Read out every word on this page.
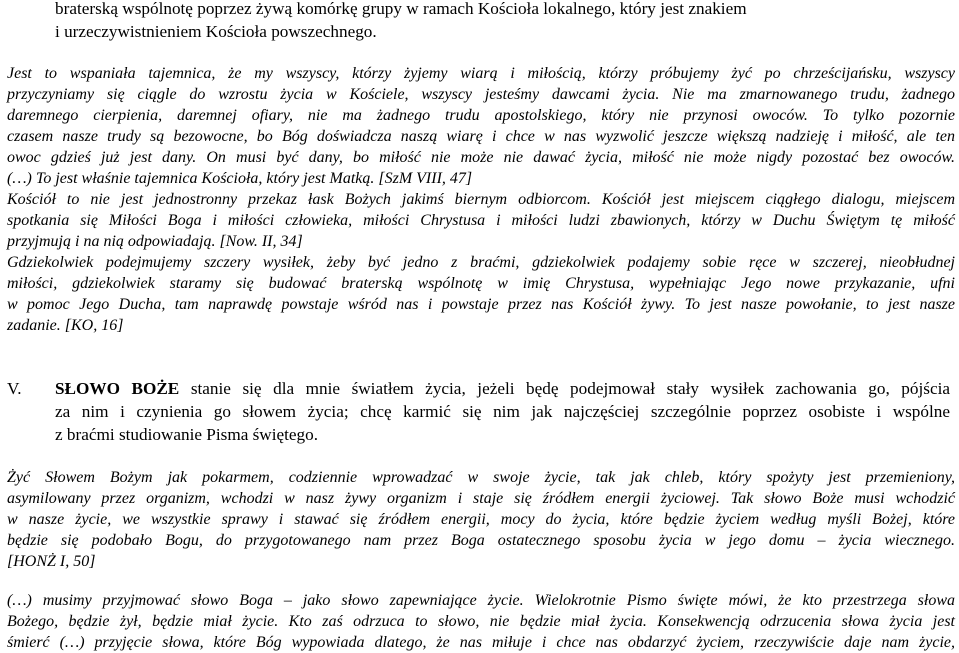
braterską wspólnotę poprzez żywą komórkę grupy w ramach Kościoła lokalnego, który jest znakiem
i urzeczywistnieniem Kościoła powszechnego.
Jest to wspaniała tajemnica, że my wszyscy, którzy żyjemy wiarą i miłością, którzy próbujemy żyć po chrześcijańsku, wszyscy
przyczyniamy się ciągle do wzrostu życia w Kościele, wszyscy jesteśmy dawcami życia. Nie ma zmarnowanego trudu, żadnego
daremnego cierpienia, daremnej ofiary, nie ma żadnego trudu apostolskiego, który nie przynosi owoców. To tylko pozornie
czasem nasze trudy są bezowocne, bo Bóg doświadcza naszą wiarę i chce w nas wyzwolić jeszcze większą nadzieję i miłość, ale ten
owoc gdzieś już jest dany. On musi być dany, bo miłość nie może nie dawać życia, miłość nie może nigdy pozostać bez owoców.
(…) To jest właśnie tajemnica Kościoła, który jest Matką. [SzM VIII, 47]
Kościół to nie jest jednostronny przekaz łask Bożych jakimś biernym odbiorcom. Kościół jest miejscem ciągłego dialogu, miejscem
spotkania się Miłości Boga i miłości człowieka, miłości Chrystusa i miłości ludzi zbawionych, którzy w Duchu Świętym tę miłość
przyjmują i na nią odpowiadają. [Now. II, 34]
Gdziekolwiek podejmujemy szczery wysiłek, żeby być jedno z braćmi, gdziekolwiek podajemy sobie ręce w szczerej, nieobłudnej
miłości, gdziekolwiek staramy się budować braterską wspólnotę w imię Chrystusa, wypełniając Jego nowe przykazanie, ufni
w pomoc Jego Ducha, tam naprawdę powstaje wśród nas i powstaje przez nas Kościół żywy. To jest nasze powołanie, to jest nasze
zadanie. [KO, 16]
V. SŁOWO BOŻE stanie się dla mnie światłem życia, jeżeli będę podejmował stały wysiłek zachowania go, pójścia
za nim i czynienia go słowem życia; chcę karmić się nim jak najczęściej szczególnie poprzez osobiste i wspólne
z braćmi studiowanie Pisma świętego.
Żyć Słowem Bożym jak pokarmem, codziennie wprowadzać w swoje życie, tak jak chleb, który spożyty jest przemieniony,
asymilowany przez organizm, wchodzi w nasz żywy organizm i staje się źródłem energii życiowej. Tak słowo Boże musi wchodzić
w nasze życie, we wszystkie sprawy i stawać się źródłem energii, mocy do życia, które będzie życiem według myśli Bożej, które
będzie się podobało Bogu, do przygotowanego nam przez Boga ostatecznego sposobu życia w jego domu – życia wiecznego.
[HONŻ I, 50]
(…) musimy przyjmować słowo Boga – jako słowo zapewniające życie. Wielokrotnie Pismo święte mówi, że kto przestrzega słowa
Bożego, będzie żył, będzie miał życie. Kto zaś odrzuca to słowo, nie będzie miał życia. Konsekwencją odrzucenia słowa życia jest
śmierć (…) przyjęcie słowa, które Bóg wypowiada dlatego, że nas miłuje i chce nas obdarzyć życiem, rzeczywiście daje nam życie,
